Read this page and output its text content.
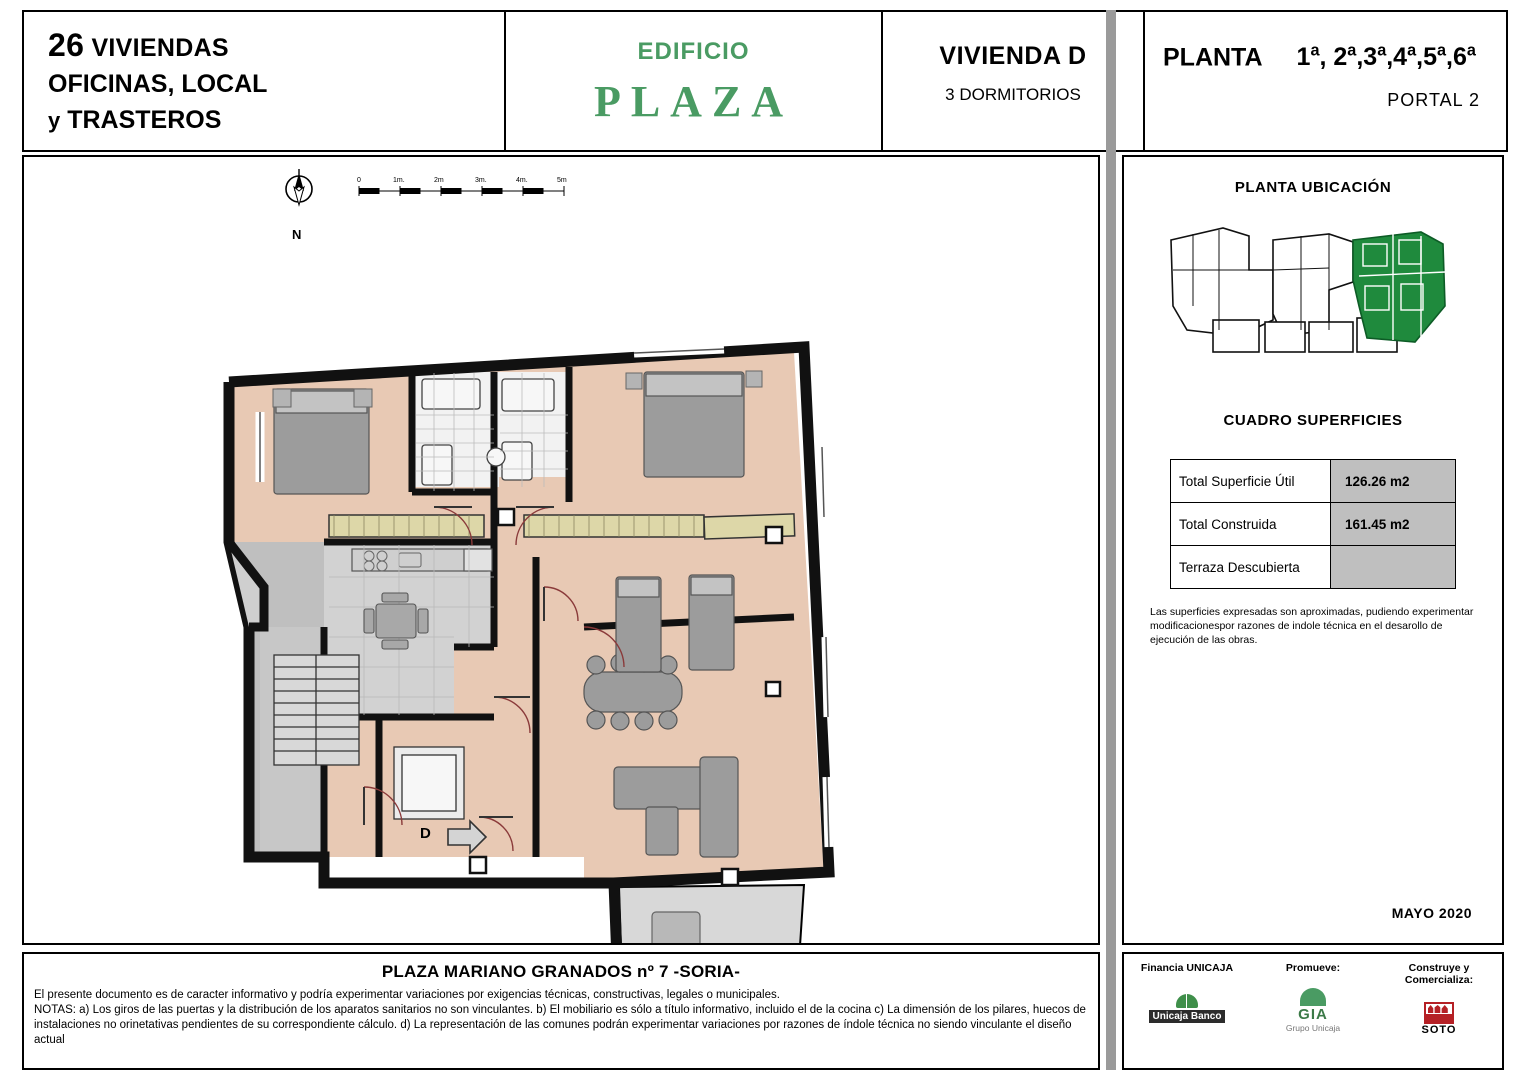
26 VIVIENDAS
OFICINAS, LOCAL
y TRASTEROS
EDIFICIO
PLAZA
VIVIENDA D
3 DORMITORIOS
PLANTA 1$^a$, 2$^a$,3$^a$,4$^a$,5$^a$,6$^a$
PORTAL 2
N
0	1m.	2m	3m.	4m.	5m
D
PLANTA UBICACIÓN
CUADRO SUPERFICIES
Total Superficie Útil	126.26 m2
Total Construida	161.45 m2
Terraza Descubierta	
Las superficies expresadas son aproximadas, pudiendo experimentar modificacionespor razones de indole técnica en el desarollo de ejecución de las obras.
MAYO 2020
PLAZA MARIANO GRANADOS nº 7 -SORIA-
El presente documento es de caracter informativo y podría experimentar variaciones por exigencias técnicas, constructivas, legales o municipales.
NOTAS: a) Los giros de las puertas y la distribución de los aparatos sanitarios no son vinculantes. b) El mobiliario es sólo a título informativo, incluido el de la cocina c) La dimensión de los pilares, huecos de instalaciones no orinetativas pendientes de su correspondiente cálculo. d) La representación de las comunes podrán experimentar variaciones por razones de índole técnica no siendo vinculante el diseño actual
Financia UNICAJA
Unicaja Banco
Promueve:
GIA
Grupo Unicaja
Construye y Comercializa:
SOTO
